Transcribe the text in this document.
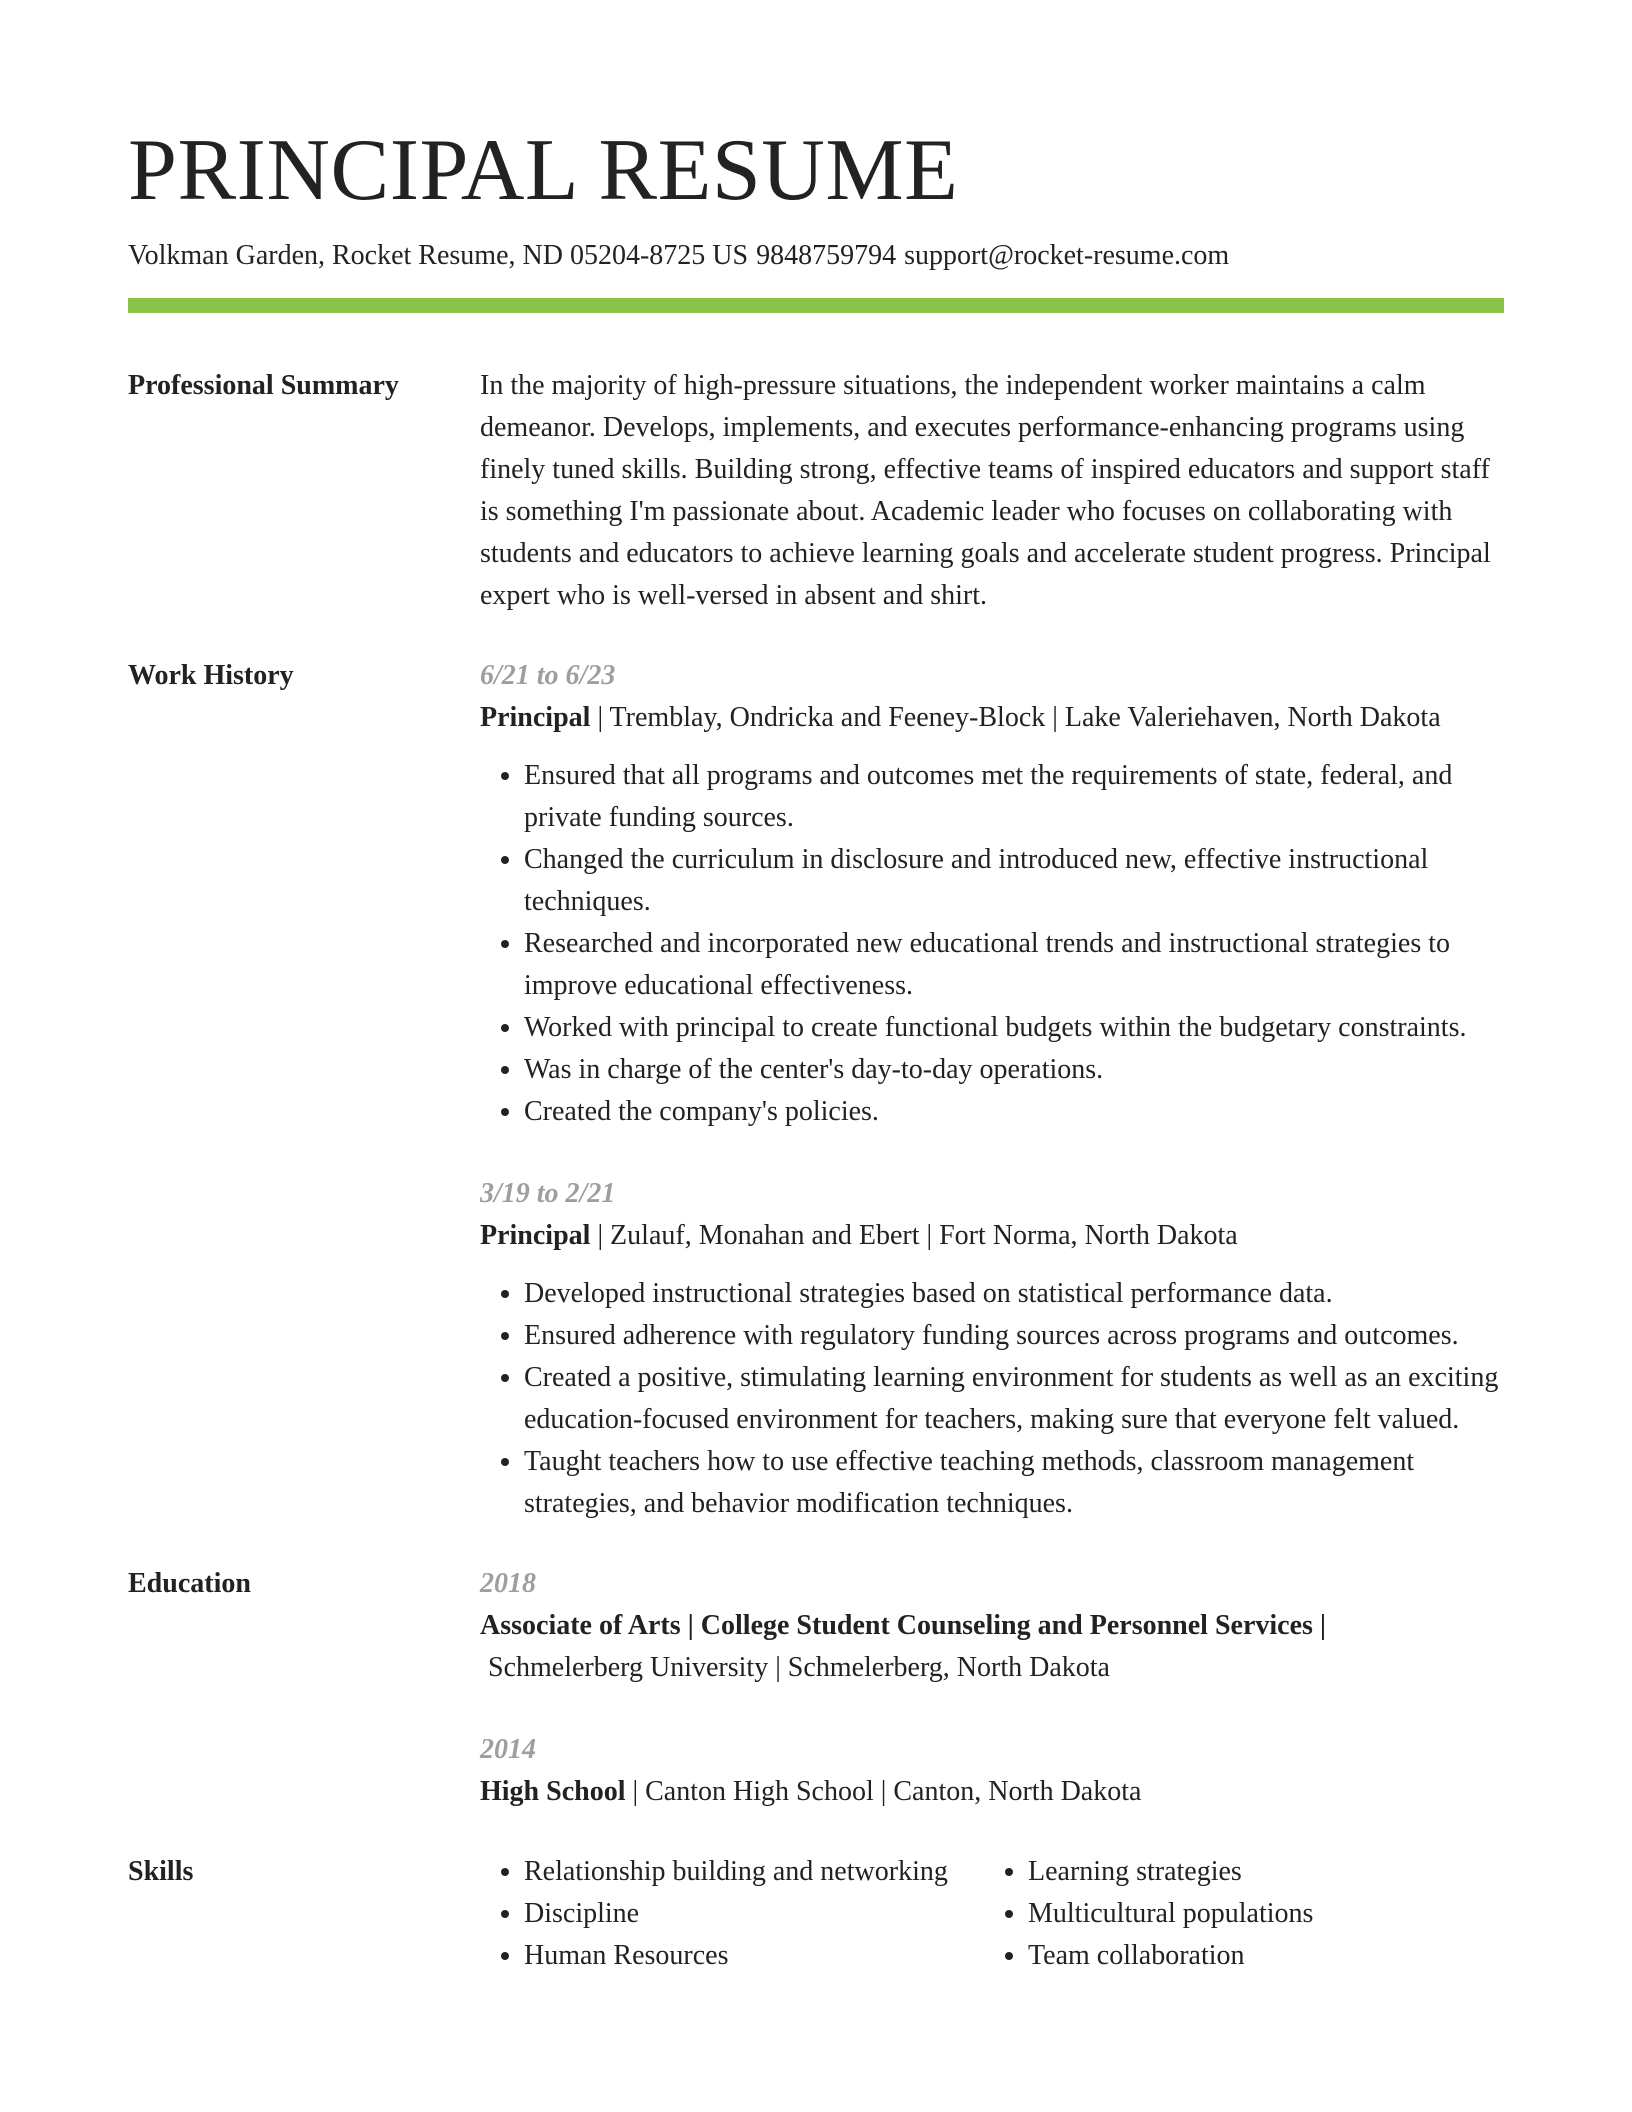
PRINCIPAL RESUME
Volkman Garden, Rocket Resume, ND 05204-8725 US 9848759794 support@rocket-resume.com
Professional Summary	In the majority of high-pressure situations, the independent worker maintains a calm demeanor. Develops, implements, and executes performance-enhancing programs using finely tuned skills. Building strong, effective teams of inspired educators and support staff is something I'm passionate about. Academic leader who focuses on collaborating with students and educators to achieve learning goals and accelerate student progress. Principal expert who is well-versed in absent and shirt.

Work History	6/21 to 6/23

Principal | Tremblay, Ondricka and Feeney-Block | Lake Valeriehaven, North Dakota

• Ensured that all programs and outcomes met the requirements of state, federal, and private funding sources.
• Changed the curriculum in disclosure and introduced new, effective instructional techniques.
• Researched and incorporated new educational trends and instructional strategies to improve educational effectiveness.
• Worked with principal to create functional budgets within the budgetary constraints.
• Was in charge of the center's day-to-day operations.
• Created the company's policies.
3/19 to 2/21

Principal | Zulauf, Monahan and Ebert | Fort Norma, North Dakota

• Developed instructional strategies based on statistical performance data.
• Ensured adherence with regulatory funding sources across programs and outcomes.
• Created a positive, stimulating learning environment for students as well as an exciting education-focused environment for teachers, making sure that everyone felt valued.
• Taught teachers how to use effective teaching methods, classroom management strategies, and behavior modification techniques.
Education	2018
Associate of Arts | College Student Counseling and Personnel Services |
Schmelerberg University | Schmelerberg, North Dakota
2014
High School | Canton High School | Canton, North Dakota
Skills
•	Relationship building and networking
• Discipline
• Human Resources
• Learning strategies
• Multicultural populations
• Team collaboration
